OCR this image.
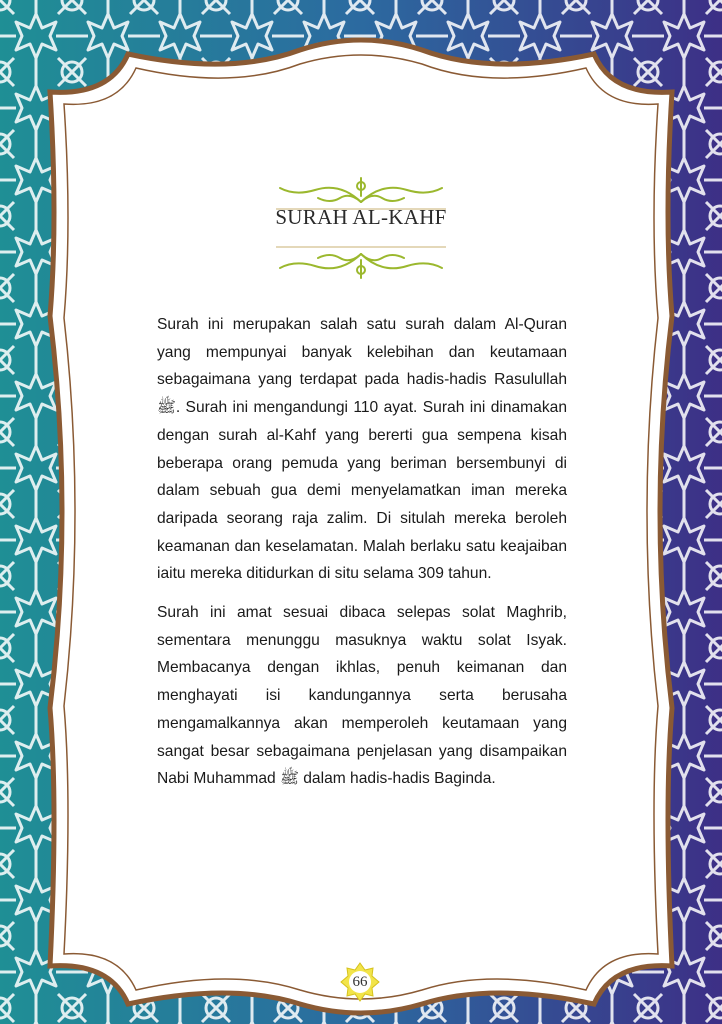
SURAH AL-KAHF

Surah ini merupakan salah satu surah dalam Al-Quran yang mempunyai banyak kelebihan dan keutamaan sebagaimana yang terdapat pada hadis-hadis Rasulullah ﷺ. Surah ini mengandungi 110 ayat. Surah ini dinamakan dengan surah al-Kahf yang bererti gua sempena kisah beberapa orang pemuda yang beriman bersembunyi di dalam sebuah gua demi menyelamatkan iman mereka daripada seorang raja zalim. Di situlah mereka beroleh keamanan dan keselamatan. Malah berlaku satu keajaiban iaitu mereka ditidurkan di situ selama 309 tahun.

Surah ini amat sesuai dibaca selepas solat Maghrib, sementara menunggu masuknya waktu solat Isyak. Membacanya dengan ikhlas, penuh keimanan dan menghayati isi kandungannya serta berusaha mengamalkannya akan memperoleh keutamaan yang sangat besar sebagaimana penjelasan yang disampaikan Nabi Muhammad ﷺ dalam hadis-hadis Baginda.

66
